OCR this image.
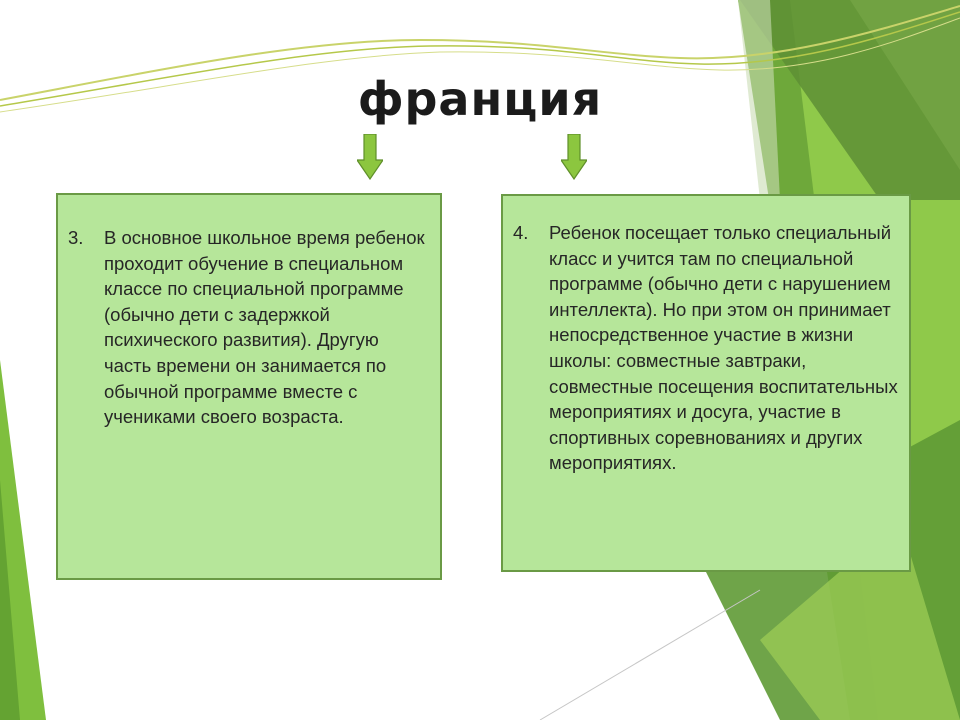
франция
3.	В основное школьное время ребенок проходит обучение в специальном классе по специальной программе (обычно дети с задержкой психического развития). Другую часть времени он занимается по обычной программе вместе с учениками своего возраста.
4.	Ребенок посещает только специальный класс и учится там по специальной программе (обычно дети с нарушением интеллекта). Но при этом он принимает непосредственное участие в жизни школы: совместные завтраки, совместные посещения воспитательных мероприятиях и досуга, участие в спортивных соревнованиях и других мероприятиях.
